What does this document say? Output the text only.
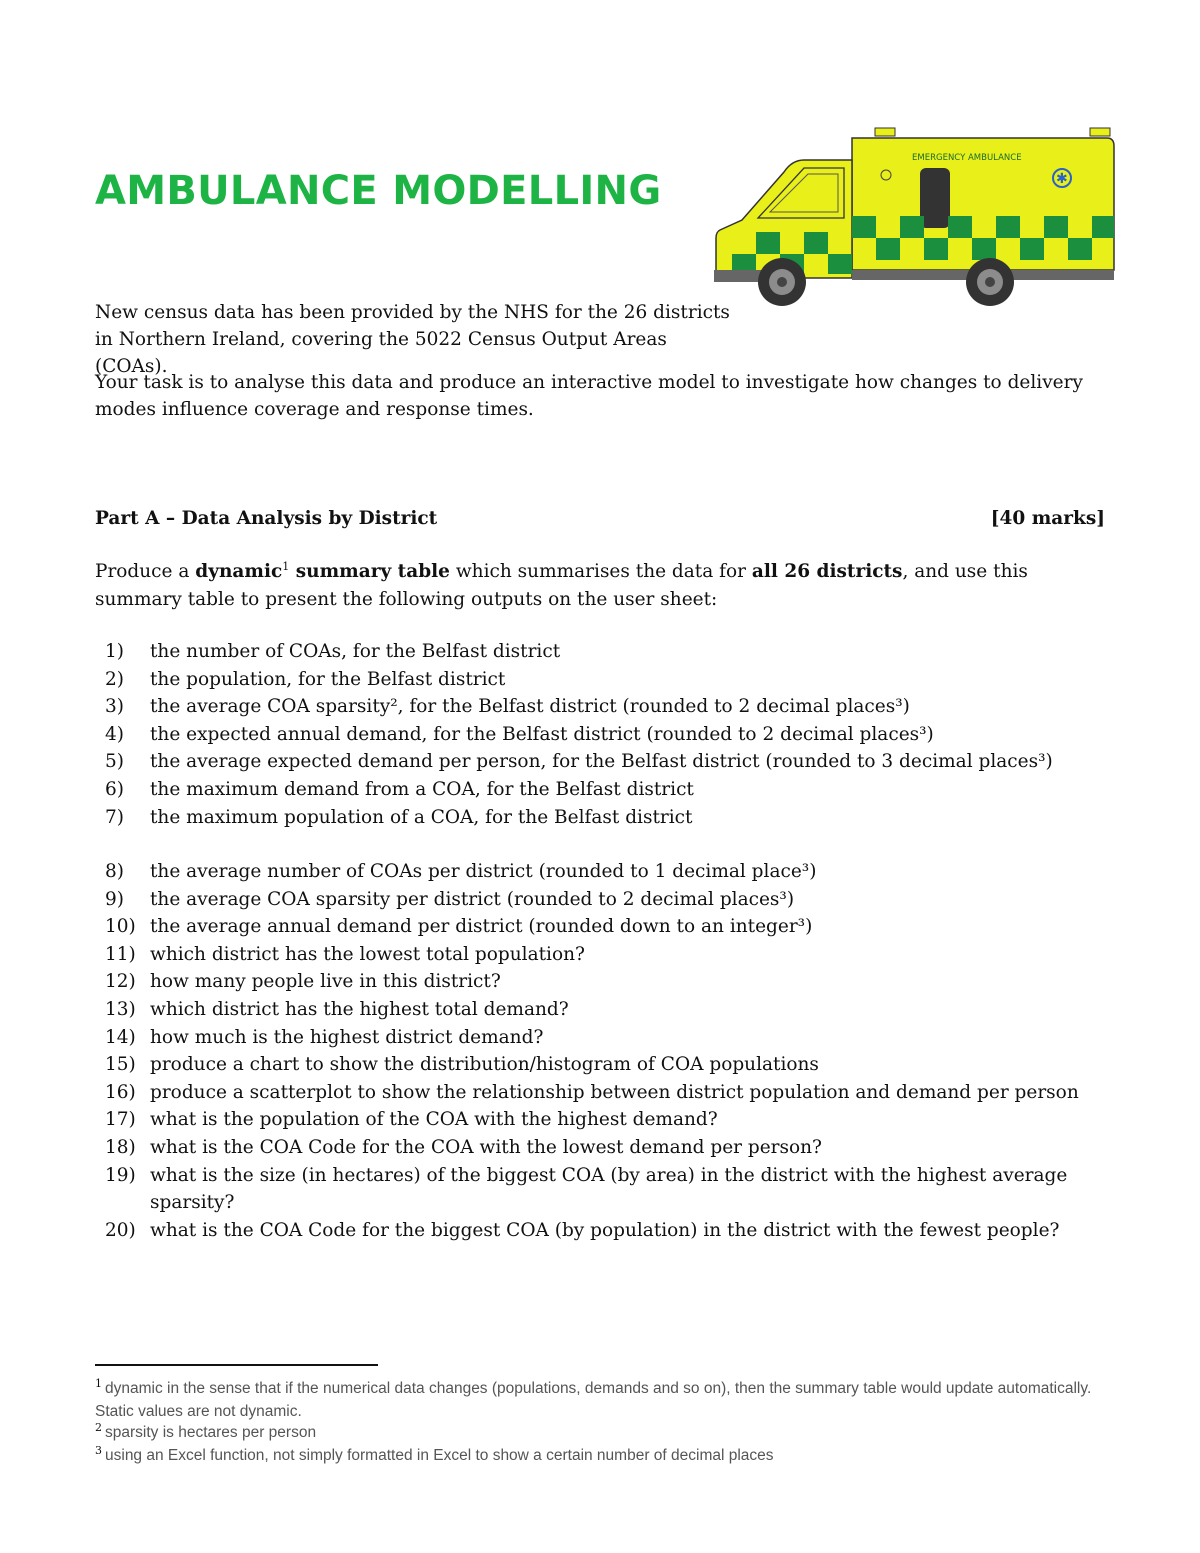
AMBULANCE MODELLING
EMERGENCY AMBULANCE
✱

New census data has been provided by the NHS for the 26 districts in Northern Ireland, covering the 5022 Census Output Areas (COAs).

Your task is to analyse this data and produce an interactive model to investigate how changes to delivery modes influence coverage and response times.

Part A – Data Analysis by District	[40 marks]

Produce a dynamic$^1$ summary table which summarises the data for all 26 districts, and use this summary table to present the following outputs on the user sheet:

1)	the number of COAs, for the Belfast district
2)	the population, for the Belfast district
3)	the average COA sparsity², for the Belfast district (rounded to 2 decimal places³)
4)	the expected annual demand, for the Belfast district (rounded to 2 decimal places³)
5)	the average expected demand per person, for the Belfast district (rounded to 3 decimal places³)
6)	the maximum demand from a COA, for the Belfast district
7)	the maximum population of a COA, for the Belfast district
8)	the average number of COAs per district (rounded to 1 decimal place³)
9)	the average COA sparsity per district (rounded to 2 decimal places³)
10) the average annual demand per district (rounded down to an integer³)
11) which district has the lowest total population?
12) how many people live in this district?
13) which district has the highest total demand?
14) how much is the highest district demand?
15) produce a chart to show the distribution/histogram of COA populations
16) produce a scatterplot to show the relationship between district population and demand per person
17) what is the population of the COA with the highest demand?
18) what is the COA Code for the COA with the lowest demand per person?
19) what is the size (in hectares) of the biggest COA (by area) in the district with the highest average sparsity?
20) what is the COA Code for the biggest COA (by population) in the district with the fewest people?

$^1$ dynamic in the sense that if the numerical data changes (populations, demands and so on), then the summary table would update automatically. Static values are not dynamic.

$^2$ sparsity is hectares per person

$^3$ using an Excel function, not simply formatted in Excel to show a certain number of decimal places
